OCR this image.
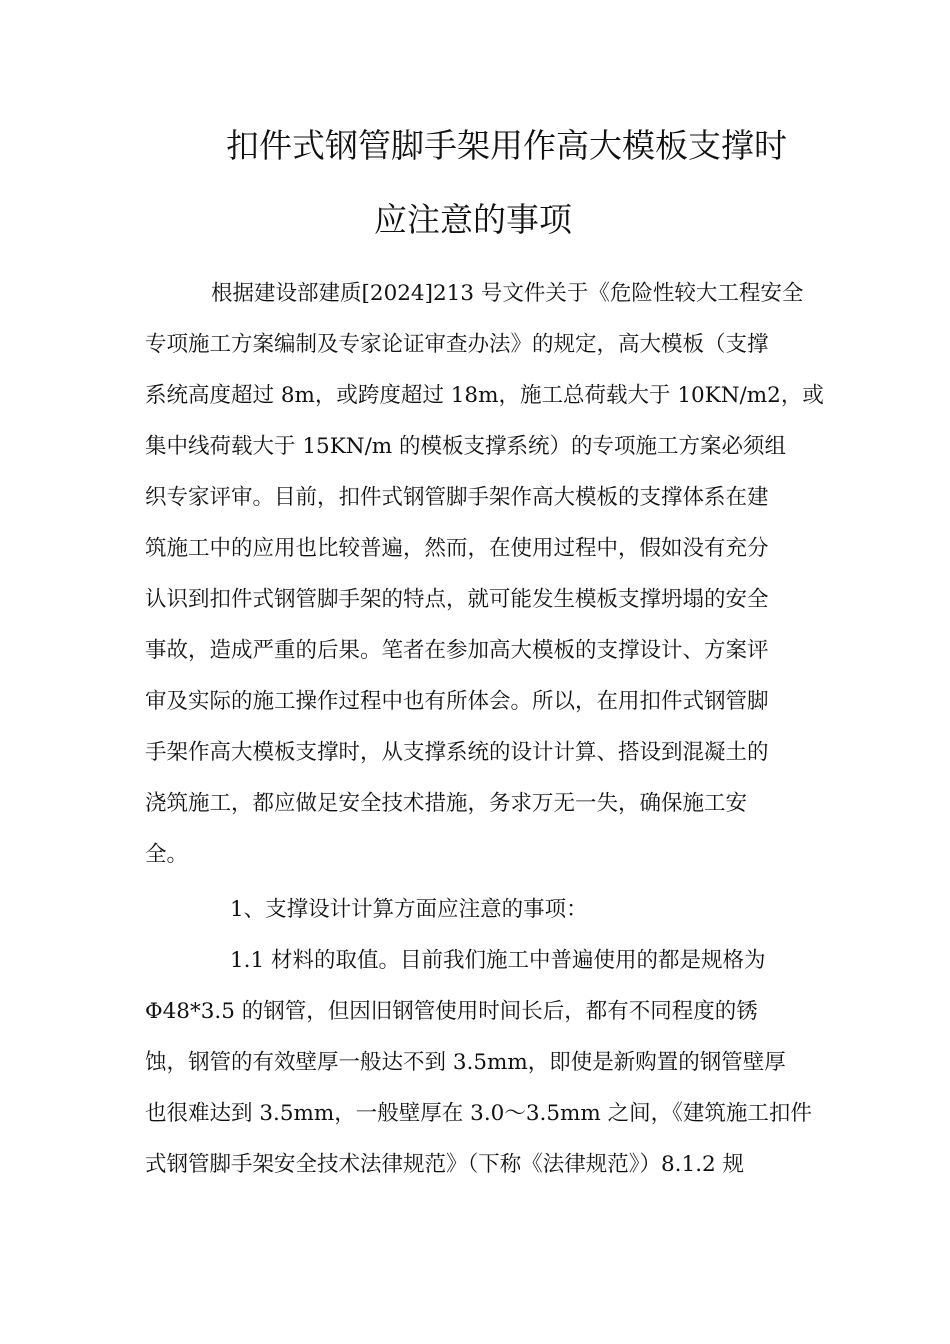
扣件式钢管脚手架用作高大模板支撑时
应注意的事项
根据建设部建质[2024]213 号文件关于《危险性较大工程安全
专项施工方案编制及专家论证审查办法》的规定，高大模板（支撑
系统高度超过 8m，或跨度超过 18m，施工总荷载大于 10KN/m2，或
集中线荷载大于 15KN/m 的模板支撑系统）的专项施工方案必须组
织专家评审。目前，扣件式钢管脚手架作高大模板的支撑体系在建
筑施工中的应用也比较普遍，然而，在使用过程中，假如没有充分
认识到扣件式钢管脚手架的特点，就可能发生模板支撑坍塌的安全
事故，造成严重的后果。笔者在参加高大模板的支撑设计、方案评
审及实际的施工操作过程中也有所体会。所以，在用扣件式钢管脚
手架作高大模板支撑时，从支撑系统的设计计算、搭设到混凝土的
浇筑施工，都应做足安全技术措施，务求万无一失，确保施工安
全。
1、支撑设计计算方面应注意的事项：
1.1 材料的取值。目前我们施工中普遍使用的都是规格为
Φ48*3.5 的钢管，但因旧钢管使用时间长后，都有不同程度的锈
蚀，钢管的有效壁厚一般达不到 3.5mm，即使是新购置的钢管壁厚
也很难达到 3.5mm，一般壁厚在 3.0～3.5mm 之间，《建筑施工扣件
式钢管脚手架安全技术法律规范》（下称《法律规范》）8.1.2 规
